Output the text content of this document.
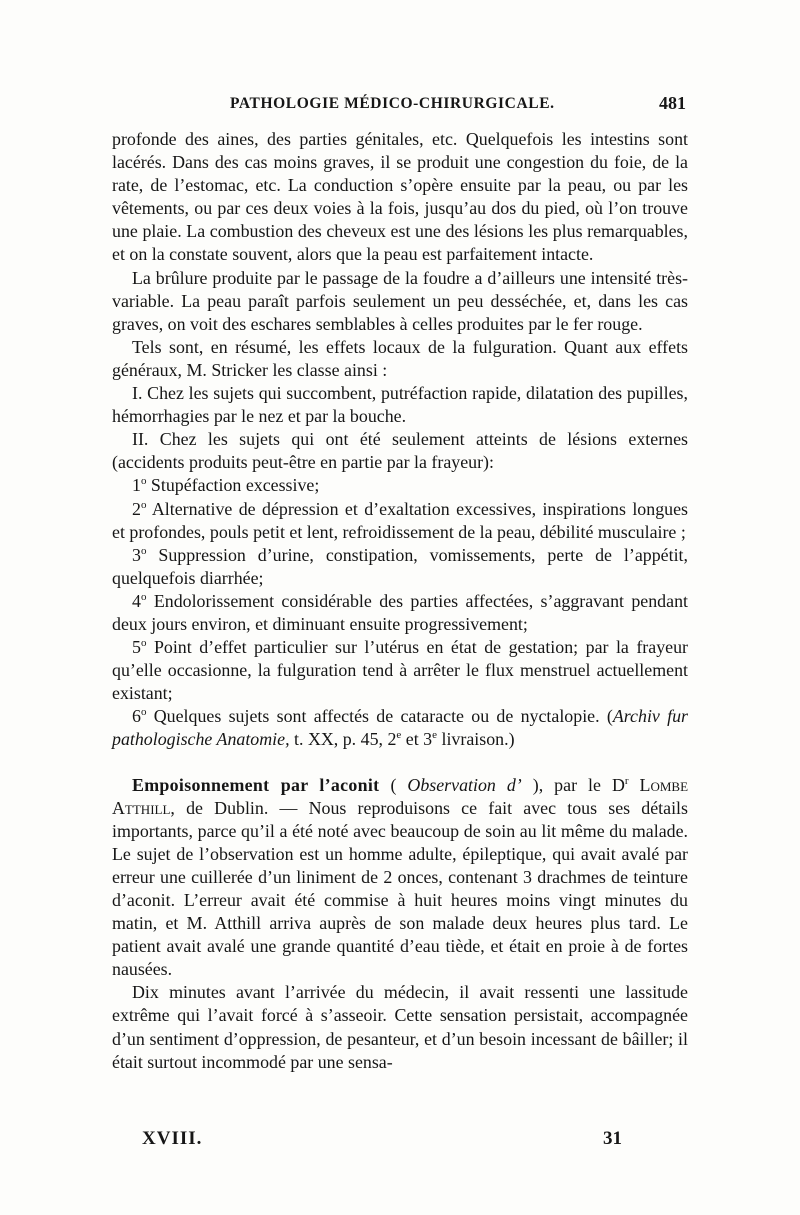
PATHOLOGIE MÉDICO-CHIRURGICALE.	481

profonde des aines, des parties génitales, etc. Quelquefois les intestins sont lacérés. Dans des cas moins graves, il se produit une congestion du foie, de la rate, de l’estomac, etc. La conduction s’opère ensuite par la peau, ou par les vêtements, ou par ces deux voies à la fois, jusqu’au dos du pied, où l’on trouve une plaie. La combustion des cheveux est une des lésions les plus remarquables, et on la constate souvent, alors que la peau est parfaitement intacte.

La brûlure produite par le passage de la foudre a d’ailleurs une intensité très-variable. La peau paraît parfois seulement un peu desséchée, et, dans les cas graves, on voit des eschares semblables à celles produites par le fer rouge.

Tels sont, en résumé, les effets locaux de la fulguration. Quant aux effets généraux, M. Stricker les classe ainsi :

I. Chez les sujets qui succombent, putréfaction rapide, dilatation des pupilles, hémorrhagies par le nez et par la bouche.

II. Chez les sujets qui ont été seulement atteints de lésions externes (accidents produits peut-être en partie par la frayeur):

1$^o$ Stupéfaction excessive;

2$^o$ Alternative de dépression et d’exaltation excessives, inspirations longues et profondes, pouls petit et lent, refroidissement de la peau, débilité musculaire ;

3$^o$ Suppression d’urine, constipation, vomissements, perte de l’appétit, quelquefois diarrhée;

4$^o$ Endolorissement considérable des parties affectées, s’aggravant pendant deux jours environ, et diminuant ensuite progressivement;

5$^o$ Point d’effet particulier sur l’utérus en état de gestation; par la frayeur qu’elle occasionne, la fulguration tend à arrêter le flux menstruel actuellement existant;

6$^o$ Quelques sujets sont affectés de cataracte ou de nyctalopie. (Archiv fur pathologische Anatomie, t. XX, p. 45, 2e et 3e livraison.)

Empoisonnement par l’aconit ( Observation d’ ), par le $D^r$ Lombe Atthill, de Dublin. — Nous reproduisons ce fait avec tous ses détails importants, parce qu’il a été noté avec beaucoup de soin au lit même du malade. Le sujet de l’observation est un homme adulte, épileptique, qui avait avalé par erreur une cuillerée d’un liniment de 2 onces, contenant 3 drachmes de teinture d’aconit. L’erreur avait été commise à huit heures moins vingt minutes du matin, et M. Atthill arriva auprès de son malade deux heures plus tard. Le patient avait avalé une grande quantité d’eau tiède, et était en proie à de fortes nausées.

Dix minutes avant l’arrivée du médecin, il avait ressenti une lassitude extrême qui l’avait forcé à s’asseoir. Cette sensation persistait, accompagnée d’un sentiment d’oppression, de pesanteur, et d’un besoin incessant de bâiller; il était surtout incommodé par une sensa-

XVIII.	31
